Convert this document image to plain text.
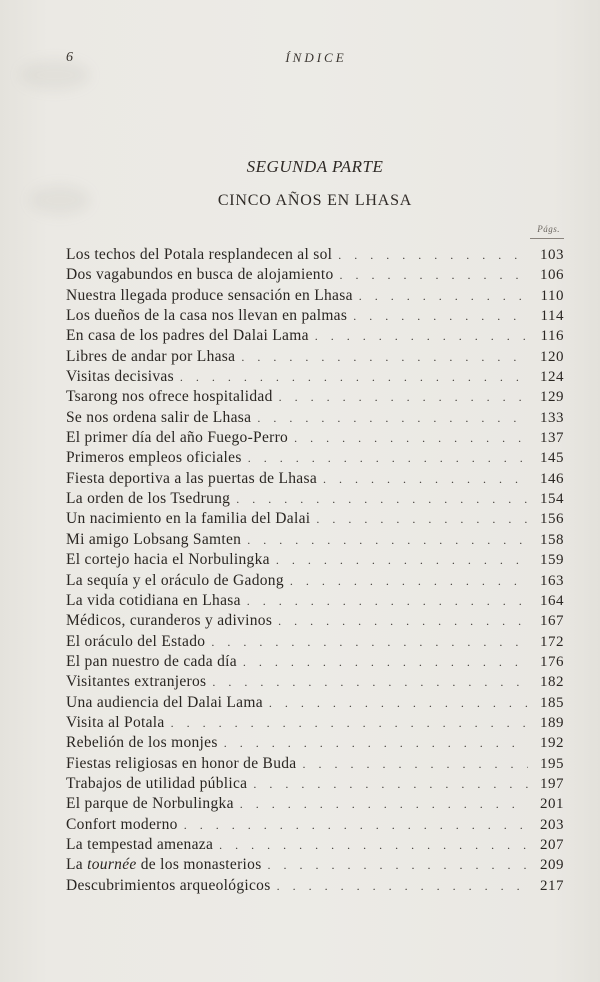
6	ÍNDICE
SEGUNDA PARTE
CINCO AÑOS EN LHASA
Págs.
Los techos del Potala resplandecen al sol . . .	103
Dos vagabundos en busca de alojamiento . . .	106
Nuestra llegada produce sensación en Lhasa . . .	110
Los dueños de la casa nos llevan en palmas . . .	114
En casa de los padres del Dalai Lama . . .	116
Libres de andar por Lhasa . . .	120
Visitas decisivas . . .	124
Tsarong nos ofrece hospitalidad . . .	129
Se nos ordena salir de Lhasa . . .	133
El primer día del año Fuego-Perro . . .	137
Primeros empleos oficiales . . .	145
Fiesta deportiva a las puertas de Lhasa . . .	146
La orden de los Tsedrung . . .	154
Un nacimiento en la familia del Dalai . . .	156
Mi amigo Lobsang Samten . . .	158
El cortejo hacia el Norbulingka . . .	159
La sequía y el oráculo de Gadong . . .	163
La vida cotidiana en Lhasa . . .	164
Médicos, curanderos y adivinos . . .	167
El oráculo del Estado . . .	172
El pan nuestro de cada día . . .	176
Visitantes extranjeros . . .	182
Una audiencia del Dalai Lama . . .	185
Visita al Potala . . .	189
Rebelión de los monjes . . .	192
Fiestas religiosas en honor de Buda . . .	195
Trabajos de utilidad pública . . .	197
El parque de Norbulingka . . .	201
Confort moderno . . .	203
La tempestad amenaza . . .	207
La tournée de los monasterios . . .	209
Descubrimientos arqueológicos . . .	217
